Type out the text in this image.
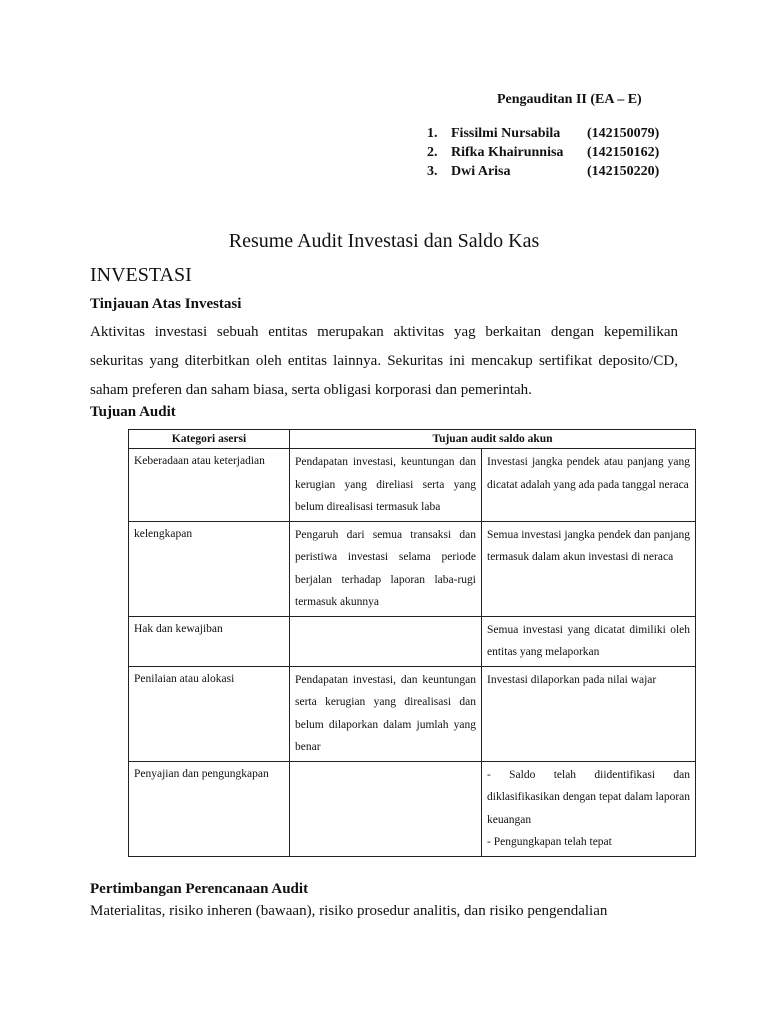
Pengauditan II (EA – E)
1. Fissilmi Nursabila (142150079)
2. Rifka Khairunnisa (142150162)
3. Dwi Arisa	(142150220)
Resume Audit Investasi dan Saldo Kas
INVESTASI
Tinjauan Atas Investasi
Aktivitas investasi sebuah entitas merupakan aktivitas yag berkaitan dengan kepemilikan sekuritas yang diterbitkan oleh entitas lainnya. Sekuritas ini mencakup sertifikat deposito/CD, saham preferen dan saham biasa, serta obligasi korporasi dan pemerintah.
Tujuan Audit
Kategori asersi	Tujuan audit saldo akun	
Keberadaan atau keterjadian	Pendapatan investasi, keuntungan dan kerugian yang direliasi serta yang belum direalisasi termasuk laba	Investasi jangka pendek atau panjang yang dicatat adalah yang ada pada tanggal neraca
kelengkapan	Pengaruh dari semua transaksi dan peristiwa investasi selama periode berjalan terhadap laporan laba-rugi termasuk akunnya	Semua investasi jangka pendek dan panjang termasuk dalam akun investasi di neraca
Hak dan kewajiban		Semua investasi yang dicatat dimiliki oleh entitas yang melaporkan
Penilaian atau alokasi	Pendapatan investasi, dan keuntungan serta kerugian yang direalisasi dan belum dilaporkan dalam jumlah yang benar	Investasi dilaporkan pada nilai wajar
Penyajian dan pengungkapan		- Saldo telah diidentifikasi dan diklasifikasikan dengan tepat dalam laporan keuangan
- Pengungkapan telah tepat
Pertimbangan Perencanaan Audit
Materialitas, risiko inheren (bawaan), risiko prosedur analitis, dan risiko pengendalian
